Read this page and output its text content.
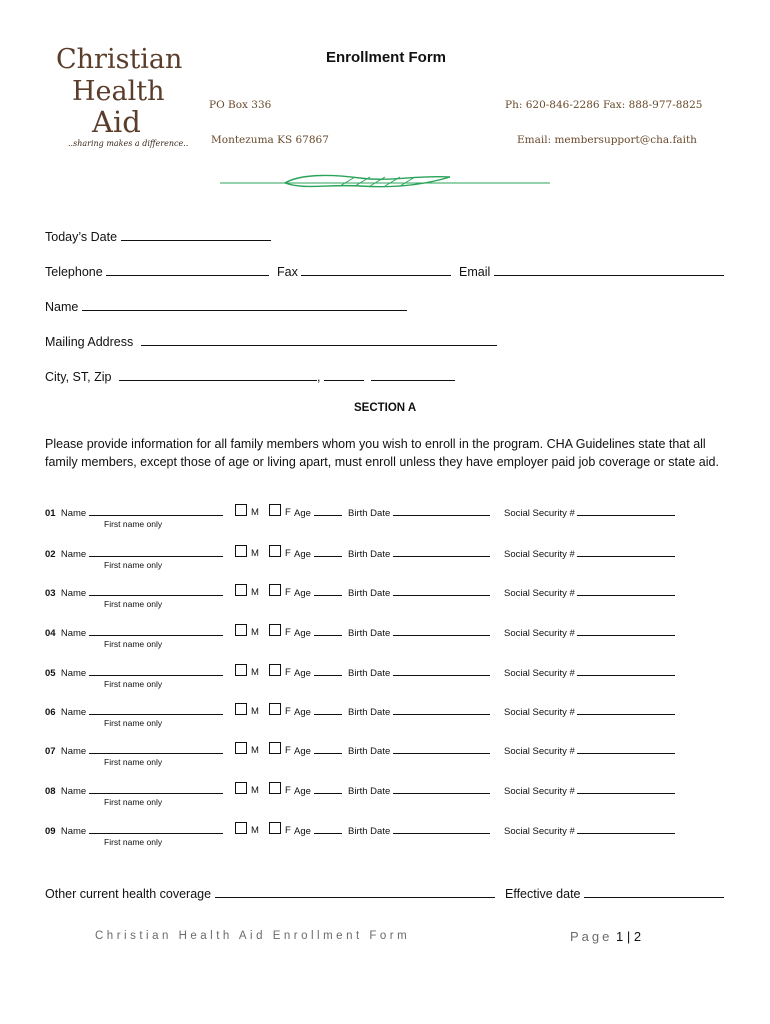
Christian
Health
Aid
..sharing makes a difference..
Enrollment Form
PO Box 336
Montezuma KS 67867
Ph: 620-846-2286 Fax: 888-977-8825
Email: membersupport@cha.faith
Today’s Date
Telephone	Fax	Email
Name
Mailing Address
City, ST, Zip	,
SECTION A
Please provide information for all family members whom you wish to enroll in the program. CHA Guidelines state that all family members, except those of age or living apart, must enroll unless they have employer paid job coverage or state aid.
01 Name
First name only
M	F Age	Birth Date	Social Security #
02 Name
First name only
M	F Age	Birth Date	Social Security #
03 Name
First name only
M	F Age	Birth Date	Social Security #
04 Name
First name only
M	F Age	Birth Date	Social Security #
05 Name
First name only
M	F Age	Birth Date	Social Security #
06 Name
First name only
M	F Age	Birth Date	Social Security #
07 Name
First name only
M	F Age	Birth Date	Social Security #
08 Name
First name only
M	F Age	Birth Date	Social Security #
09 Name
First name only
M	F Age	Birth Date	Social Security #
Other current health coverage	Effective date
Christian Health Aid Enrollment Form	Page 1 | 2
